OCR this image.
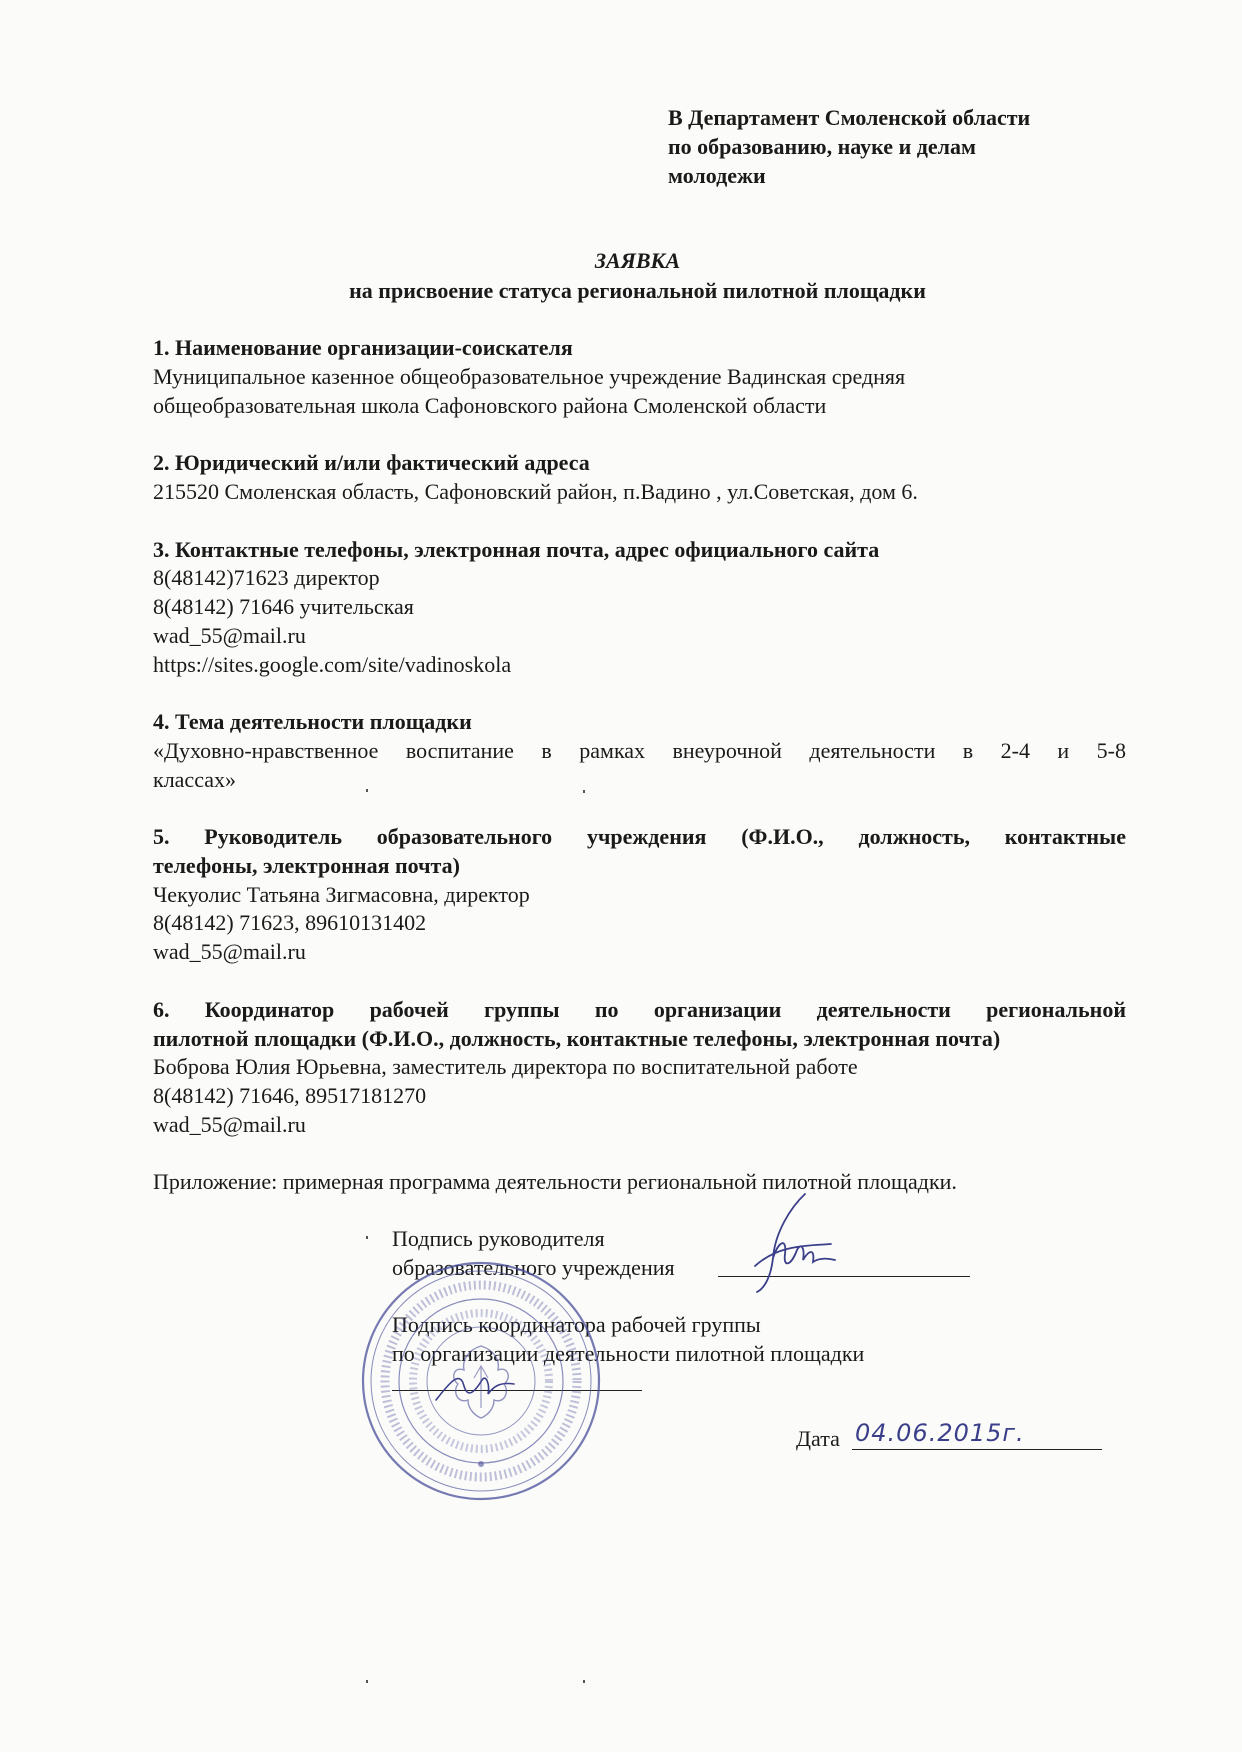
В Департамент Смоленской области
по образованию, науке и делам
молодежи
ЗАЯВКА
на присвоение статуса региональной пилотной площадки
1. Наименование организации-соискателя
Муниципальное казенное общеобразовательное учреждение Вадинская средняя
общеобразовательная школа Сафоновского района Смоленской области
2. Юридический и/или фактический адреса
215520 Смоленская область, Сафоновский район, п.Вадино , ул.Советская, дом 6.
3. Контактные телефоны, электронная почта, адрес официального сайта
8(48142)71623 директор
8(48142) 71646 учительская
wad_55@mail.ru
https://sites.google.com/site/vadinoskola
4. Тема деятельности площадки
«Духовно-нравственное воспитание в рамках внеурочной деятельности в 2-4 и 5-8
классах»
5. Руководитель образовательного учреждения (Ф.И.О., должность, контактные
телефоны, электронная почта)
Чекуолис Татьяна Зигмасовна, директор
8(48142) 71623, 89610131402
wad_55@mail.ru
6. Координатор рабочей группы по организации деятельности региональной
пилотной площадки (Ф.И.О., должность, контактные телефоны, электронная почта)
Боброва Юлия Юрьевна, заместитель директора по воспитательной работе
8(48142) 71646, 89517181270
wad_55@mail.ru
Приложение: примерная программа деятельности региональной пилотной площадки.
Подпись руководителя
образовательного учреждения
Подпись координатора рабочей группы
по организации деятельности пилотной площадки
Дата 04.06.2015г.
